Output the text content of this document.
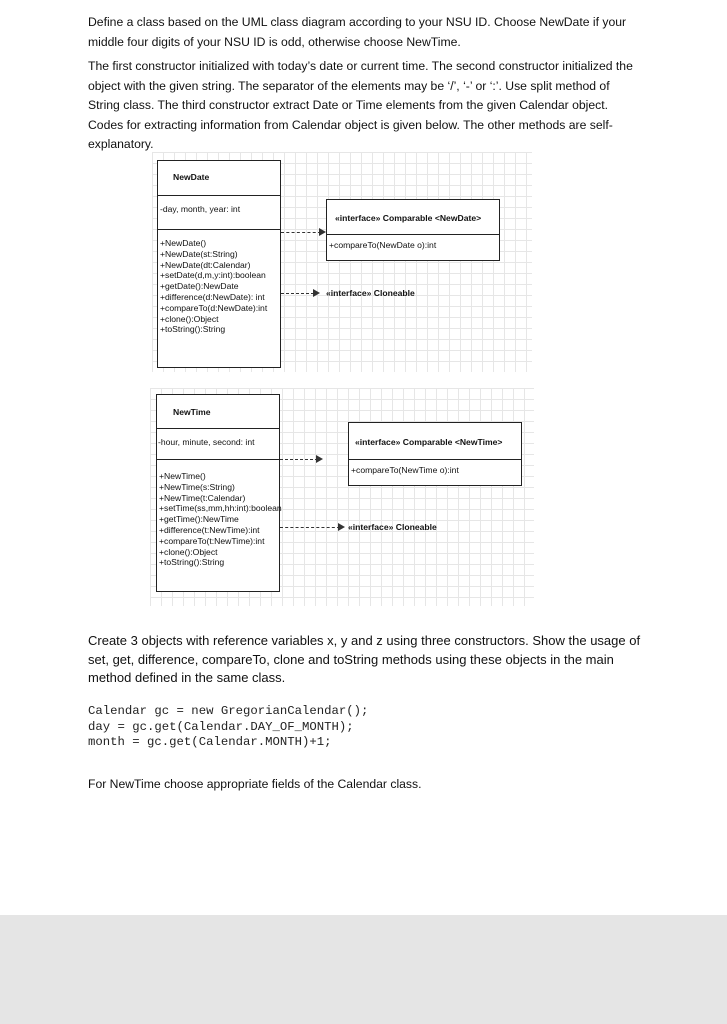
Define a class based on the UML class diagram according to your NSU ID. Choose NewDate if your middle four digits of your NSU ID is odd, otherwise choose NewTime.

The first constructor initialized with today’s date or current time. The second constructor initialized the object with the given string. The separator of the elements may be ‘/’, ‘-’ or ‘:’. Use split method of String class. The third constructor extract Date or Time elements from the given Calendar object. Codes for extracting information from Calendar object is given below. The other methods are self-explanatory.

NewDate
-day, month, year: int
+NewDate()
+NewDate(st:String)
+NewDate(dt:Calendar)
+setDate(d,m,y:int):boolean
+getDate():NewDate
+difference(d:NewDate): int
+compareTo(d:NewDate):int
+clone():Object
+toString():String
«interface» Comparable <NewDate>
+compareTo(NewDate o):int
«interface» Cloneable
NewTime
-hour, minute, second: int
+NewTime()
+NewTime(s:String)
+NewTime(t:Calendar)
+setTime(ss,mm,hh:int):boolean
+getTime():NewTime
+difference(t:NewTime):int
+compareTo(t:NewTime):int
+clone():Object
+toString():String
«interface» Comparable <NewTime>
+compareTo(NewTime o):int
«interface» Cloneable

Create 3 objects with reference variables x, y and z using three constructors. Show the usage of set, get, difference, compareTo, clone and toString methods using these objects in the main method defined in the same class.

Calendar gc = new GregorianCalendar();
day = gc.get(Calendar.DAY_OF_MONTH);
month = gc.get(Calendar.MONTH)+1;

For NewTime choose appropriate fields of the Calendar class.
